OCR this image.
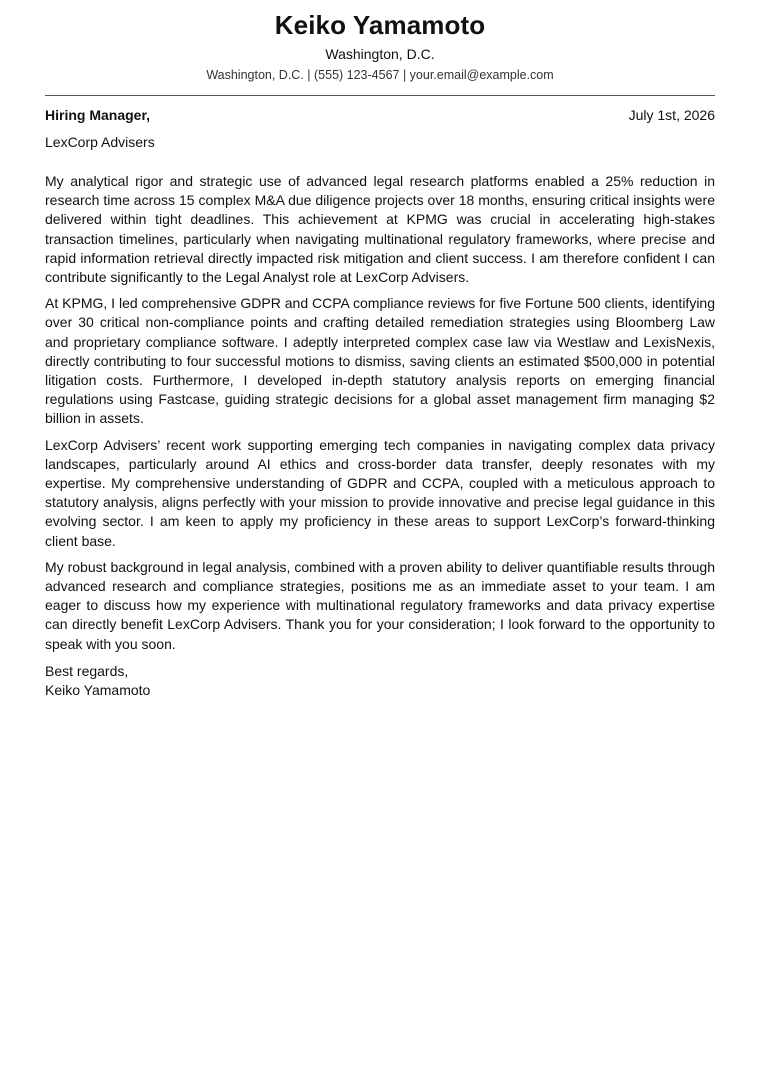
Keiko Yamamoto
Washington, D.C.
Washington, D.C. | (555) 123-4567 | your.email@example.com
Hiring Manager,	July 1st, 2026
LexCorp Advisers

My analytical rigor and strategic use of advanced legal research platforms enabled a 25% reduction in research time across 15 complex M&A due diligence projects over 18 months, ensuring critical insights were delivered within tight deadlines. This achievement at KPMG was crucial in accelerating high-stakes transaction timelines, particularly when navigating multinational regulatory frameworks, where precise and rapid information retrieval directly impacted risk mitigation and client success. I am therefore confident I can contribute significantly to the Legal Analyst role at LexCorp Advisers.

At KPMG, I led comprehensive GDPR and CCPA compliance reviews for five Fortune 500 clients, identifying over 30 critical non-compliance points and crafting detailed remediation strategies using Bloomberg Law and proprietary compliance software. I adeptly interpreted complex case law via Westlaw and LexisNexis, directly contributing to four successful motions to dismiss, saving clients an estimated $500,000 in potential litigation costs. Furthermore, I developed in-depth statutory analysis reports on emerging financial regulations using Fastcase, guiding strategic decisions for a global asset management firm managing $2 billion in assets.

LexCorp Advisers’ recent work supporting emerging tech companies in navigating complex data privacy landscapes, particularly around AI ethics and cross-border data transfer, deeply resonates with my expertise. My comprehensive understanding of GDPR and CCPA, coupled with a meticulous approach to statutory analysis, aligns perfectly with your mission to provide innovative and precise legal guidance in this evolving sector. I am keen to apply my proficiency in these areas to support LexCorp’s forward-thinking client base.

My robust background in legal analysis, combined with a proven ability to deliver quantifiable results through advanced research and compliance strategies, positions me as an immediate asset to your team. I am eager to discuss how my experience with multinational regulatory frameworks and data privacy expertise can directly benefit LexCorp Advisers. Thank you for your consideration; I look forward to the opportunity to speak with you soon.

Best regards,
Keiko Yamamoto
